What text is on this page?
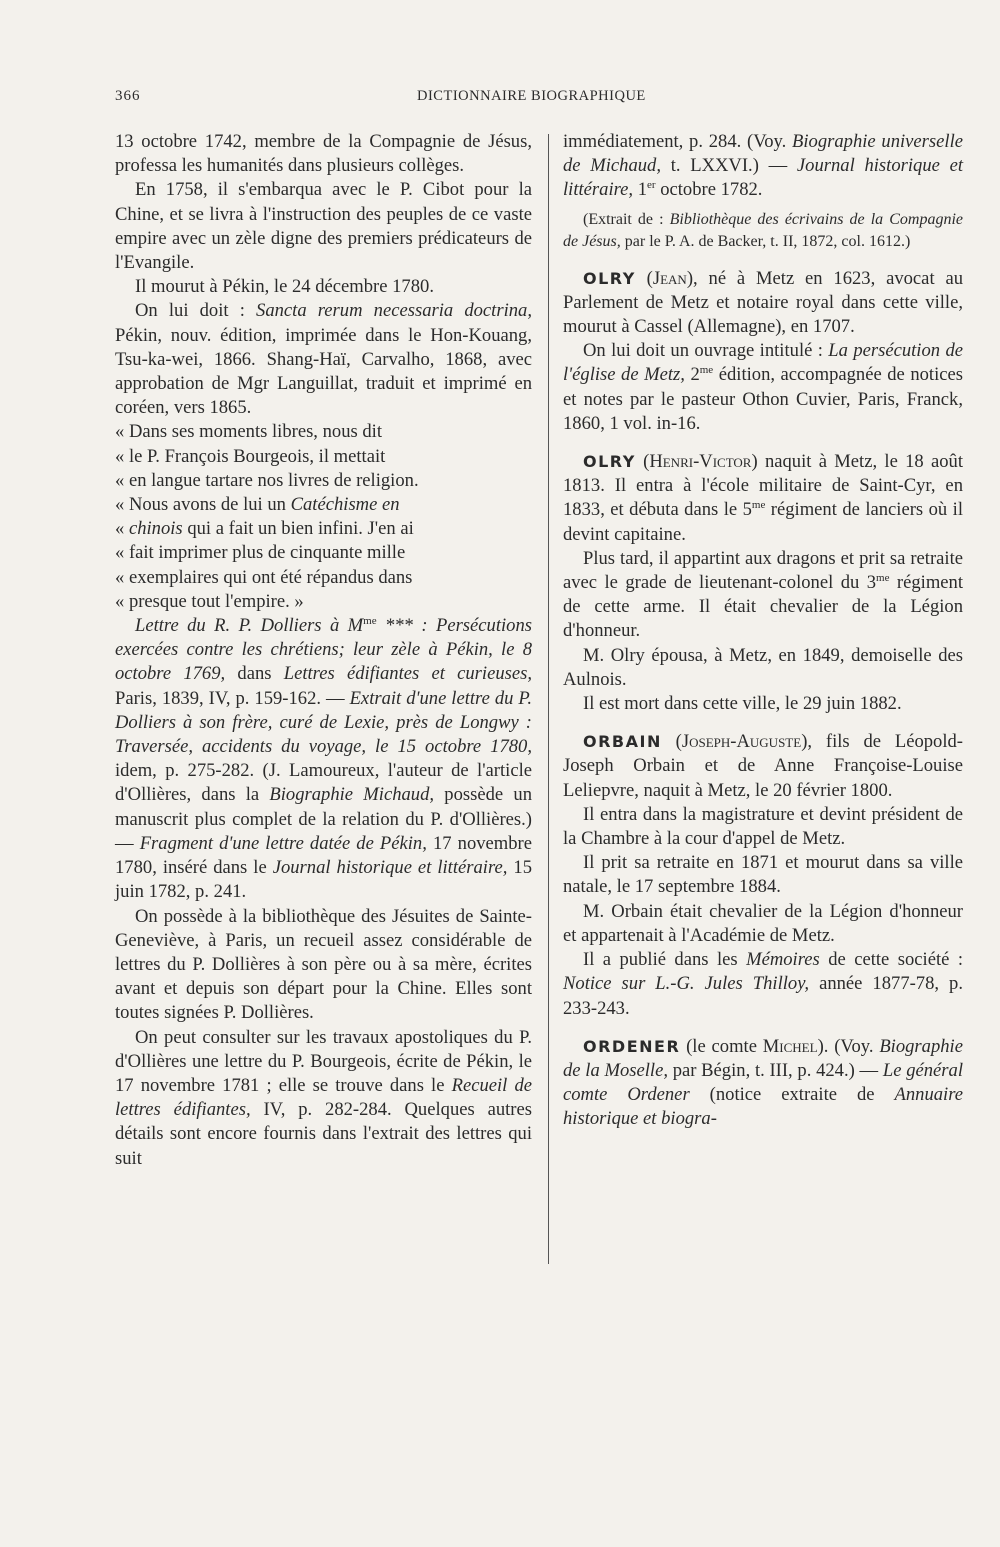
366	DICTIONNAIRE BIOGRAPHIQUE

13 octobre 1742, membre de la Compagnie de Jésus, professa les humanités dans plusieurs collèges.

En 1758, il s'embarqua avec le P. Cibot pour la Chine, et se livra à l'instruction des peuples de ce vaste empire avec un zèle digne des premiers prédicateurs de l'Evangile.

Il mourut à Pékin, le 24 décembre 1780.

On lui doit : Sancta rerum necessaria doctrina, Pékin, nouv. édition, imprimée dans le Hon-Kouang, Tsu-ka-wei, 1866. Shang-Haï, Carvalho, 1868, avec approbation de Mgr Languillat, traduit et imprimé en coréen, vers 1865.

« Dans ses moments libres, nous dit

« le P. François Bourgeois, il mettait

« en langue tartare nos livres de religion.

« Nous avons de lui un Catéchisme en

« chinois qui a fait un bien infini. J'en ai

« fait imprimer plus de cinquante mille

« exemplaires qui ont été répandus dans

« presque tout l'empire. »

Lettre du R. P. Dolliers à $M^{me}$ *** : Persécutions exercées contre les chrétiens; leur zèle à Pékin, le 8 octobre 1769, dans Lettres édifiantes et curieuses, Paris, 1839, IV, p. 159-162. — Extrait d'une lettre du P. Dolliers à son frère, curé de Lexie, près de Longwy : Traversée, accidents du voyage, le 15 octobre 1780, idem, p. 275-282. (J. Lamoureux, l'auteur de l'article d'Ollières, dans la Biographie Michaud, possède un manuscrit plus complet de la relation du P. d'Ollières.) — Fragment d'une lettre datée de Pékin, 17 novembre 1780, inséré dans le Journal historique et littéraire, 15 juin 1782, p. 241.

On possède à la bibliothèque des Jésuites de Sainte-Geneviève, à Paris, un recueil assez considérable de lettres du P. Dollières à son père ou à sa mère, écrites avant et depuis son départ pour la Chine. Elles sont toutes signées P. Dollières.

On peut consulter sur les travaux apostoliques du P. d'Ollières une lettre du P. Bourgeois, écrite de Pékin, le 17 novembre 1781 ; elle se trouve dans le Recueil de lettres édifiantes, IV, p. 282-284. Quelques autres détails sont encore fournis dans l'extrait des lettres qui suit

immédiatement, p. 284. (Voy. Biographie universelle de Michaud, t. LXXVI.) — Journal historique et littéraire, 1er octobre 1782.

(Extrait de : Bibliothèque des écrivains de la Compagnie de Jésus, par le P. A. de Backer, t. II, 1872, col. 1612.)

OLRY (Jean), né à Metz en 1623, avocat au Parlement de Metz et notaire royal dans cette ville, mourut à Cassel (Allemagne), en 1707.

On lui doit un ouvrage intitulé : La persécution de l'église de Metz, $2^{me}$ édition, accompagnée de notices et notes par le pasteur Othon Cuvier, Paris, Franck, 1860, 1 vol. in-16.

OLRY (Henri-Victor) naquit à Metz, le 18 août 1813. Il entra à l'école militaire de Saint-Cyr, en 1833, et débuta dans le $5^{me}$ régiment de lanciers où il devint capitaine.

Plus tard, il appartint aux dragons et prit sa retraite avec le grade de lieutenant-colonel du $3^{me}$ régiment de cette arme. Il était chevalier de la Légion d'honneur.

M. Olry épousa, à Metz, en 1849, demoiselle des Aulnois.

Il est mort dans cette ville, le 29 juin 1882.

ORBAIN (Joseph-Auguste), fils de Léopold-Joseph Orbain et de Anne Françoise-Louise Leliepvre, naquit à Metz, le 20 février 1800.

Il entra dans la magistrature et devint président de la Chambre à la cour d'appel de Metz.

Il prit sa retraite en 1871 et mourut dans sa ville natale, le 17 septembre 1884.

M. Orbain était chevalier de la Légion d'honneur et appartenait à l'Académie de Metz.

Il a publié dans les Mémoires de cette société : Notice sur L.-G. Jules Thilloy, année 1877-78, p. 233-243.

ORDENER (le comte Michel). (Voy. Biographie de la Moselle, par Bégin, t. III, p. 424.) — Le général comte Ordener (notice extraite de Annuaire historique et biogra-
